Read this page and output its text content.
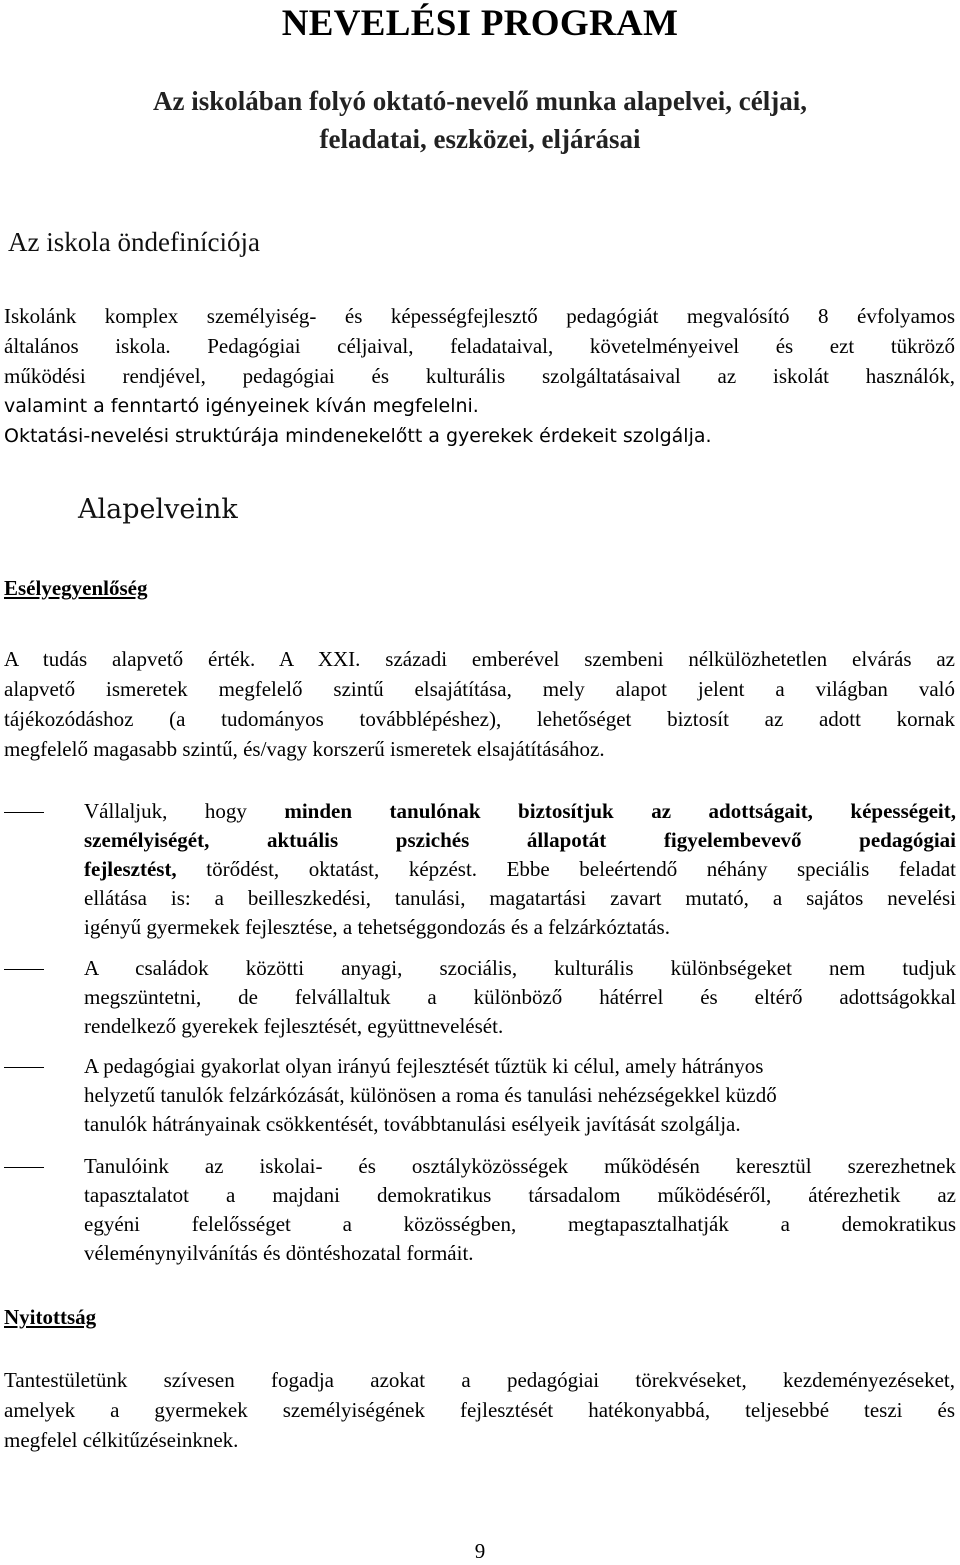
NEVELÉSI PROGRAM
Az iskolában folyó oktató-nevelő munka alapelvei, céljai,
feladatai, eszközei, eljárásai
Az iskola öndefiníciója
Iskolánk komplex személyiség- és képességfejlesztő pedagógiát megvalósító 8 évfolyamos
általános iskola. Pedagógiai céljaival, feladataival, követelményeivel és ezt tükröző
működési rendjével, pedagógiai és kulturális szolgáltatásaival az iskolát használók,
valamint a fenntartó igényeinek kíván megfelelni.
Oktatási-nevelési struktúrája mindenekelőtt a gyerekek érdekeit szolgálja.
Alapelveink
Esélyegyenlőség
A tudás alapvető érték. A XXI. századi emberével szembeni nélkülözhetetlen elvárás az
alapvető ismeretek megfelelő szintű elsajátítása, mely alapot jelent a világban való
tájékozódáshoz (a tudományos továbblépéshez), lehetőséget biztosít az adott kornak
megfelelő magasabb szintű, és/vagy korszerű ismeretek elsajátításához.
Vállaljuk, hogy minden tanulónak biztosítjuk az adottságait, képességeit,
személyiségét, aktuális pszichés állapotát figyelembevevő pedagógiai
fejlesztést, törődést, oktatást, képzést. Ebbe beleértendő néhány speciális feladat
ellátása is: a beilleszkedési, tanulási, magatartási zavart mutató, a sajátos nevelési
igényű gyermekek fejlesztése, a tehetséggondozás és a felzárkóztatás.
A családok közötti anyagi, szociális, kulturális különbségeket nem tudjuk
megszüntetni, de felvállaltuk a különböző hátérrel és eltérő adottságokkal
rendelkező gyerekek fejlesztését, együttnevelését.
A pedagógiai gyakorlat olyan irányú fejlesztését tűztük ki célul, amely hátrányos
helyzetű tanulók felzárkózását, különösen a roma és tanulási nehézségekkel küzdő
tanulók hátrányainak csökkentését, továbbtanulási esélyeik javítását szolgálja.
Tanulóink az iskolai- és osztályközösségek működésén keresztül szerezhetnek
tapasztalatot a majdani demokratikus társadalom működéséről, átérezhetik az
egyéni felelősséget a közösségben, megtapasztalhatják a demokratikus
véleménynyilvánítás és döntéshozatal formáit.
Nyitottság
Tantestületünk szívesen fogadja azokat a pedagógiai törekvéseket, kezdeményezéseket,
amelyek a gyermekek személyiségének fejlesztését hatékonyabbá, teljesebbé teszi és
megfelel célkitűzéseinknek.
9
